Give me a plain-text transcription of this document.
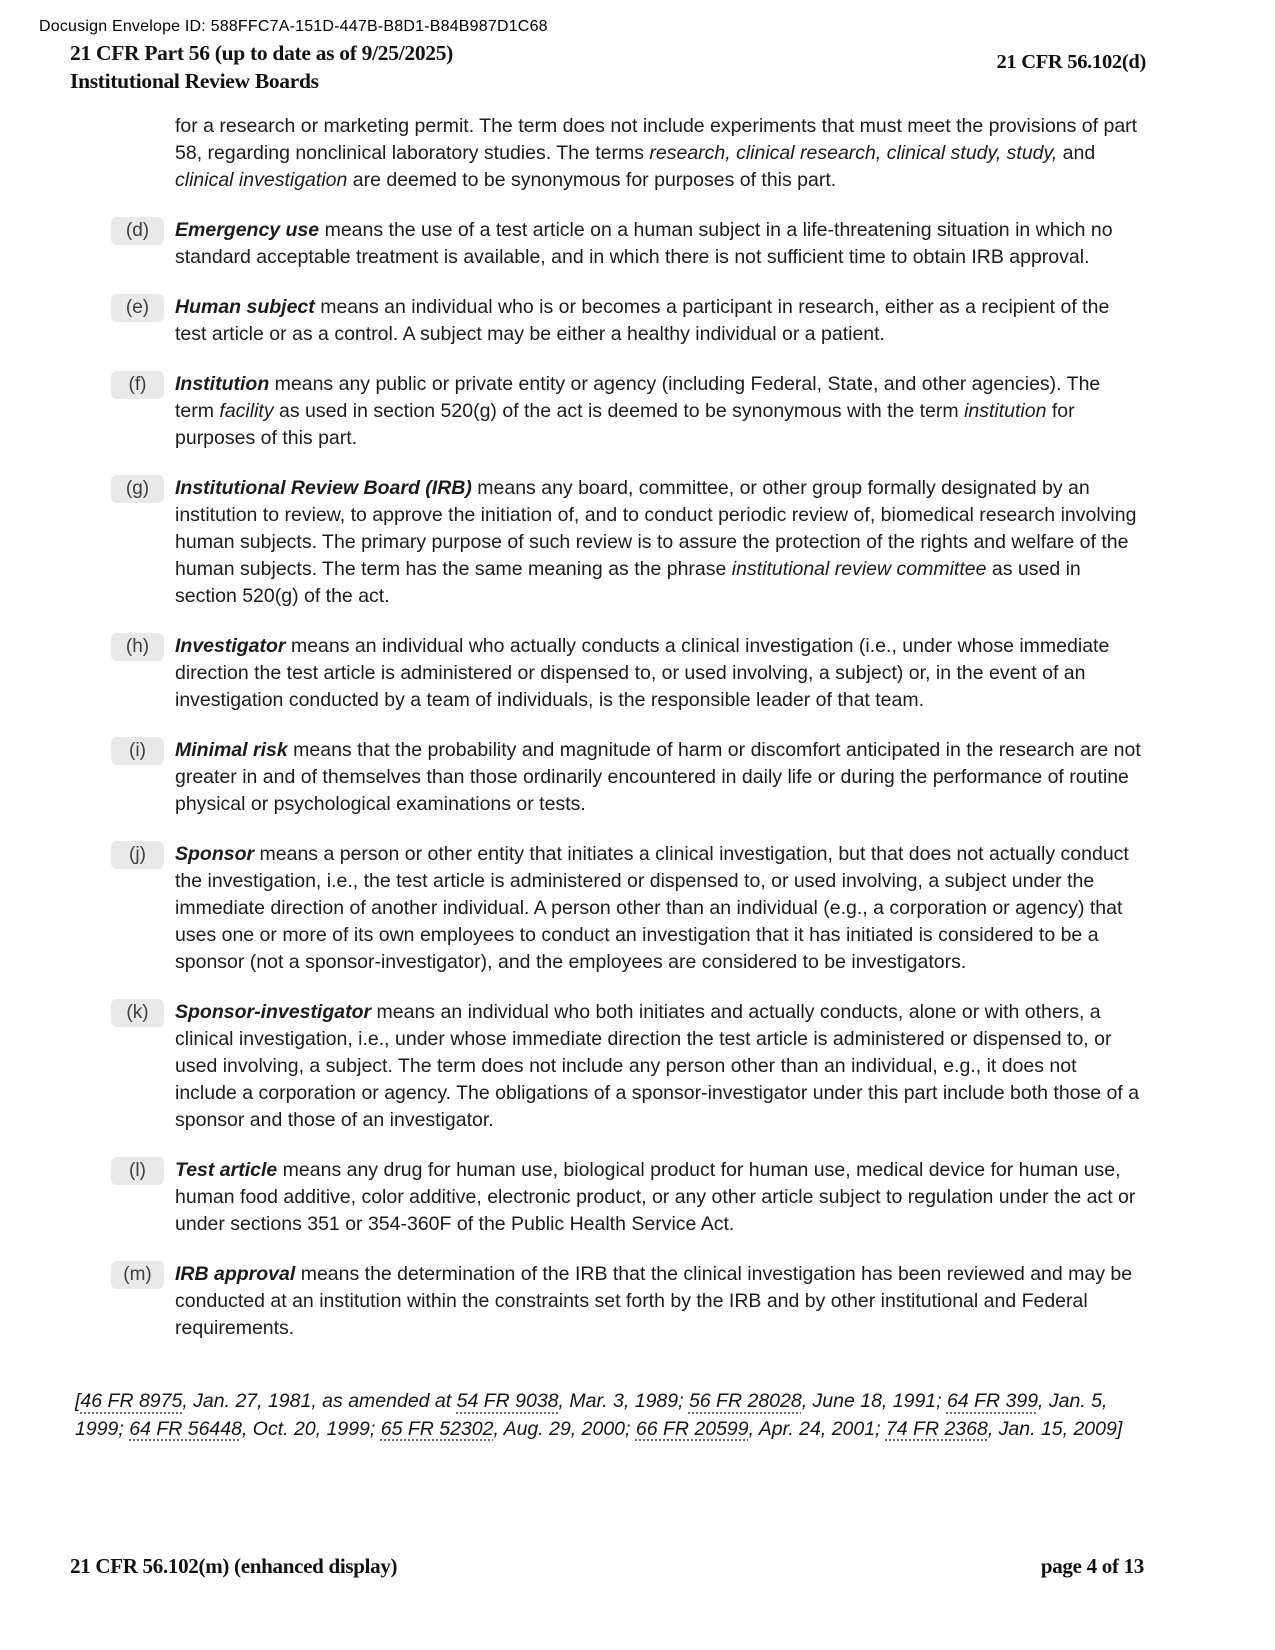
Docusign Envelope ID: 588FFC7A-151D-447B-B8D1-B84B987D1C68
21 CFR Part 56 (up to date as of 9/25/2025)
Institutional Review Boards
21 CFR 56.102(d)

for a research or marketing permit. The term does not include experiments that must meet the provisions of part 58, regarding nonclinical laboratory studies. The terms research, clinical research, clinical study, study, and clinical investigation are deemed to be synonymous for purposes of this part.

(d)	Emergency use means the use of a test article on a human subject in a life-threatening situation in which no standard acceptable treatment is available, and in which there is not sufficient time to obtain IRB approval.

(e)	Human subject means an individual who is or becomes a participant in research, either as a recipient of the test article or as a control. A subject may be either a healthy individual or a patient.

(f)	Institution means any public or private entity or agency (including Federal, State, and other agencies). The term facility as used in section 520(g) of the act is deemed to be synonymous with the term institution for purposes of this part.

(g)	Institutional Review Board (IRB) means any board, committee, or other group formally designated by an institution to review, to approve the initiation of, and to conduct periodic review of, biomedical research involving human subjects. The primary purpose of such review is to assure the protection of the rights and welfare of the human subjects. The term has the same meaning as the phrase institutional review committee as used in section 520(g) of the act.

(h)	Investigator means an individual who actually conducts a clinical investigation (i.e., under whose immediate direction the test article is administered or dispensed to, or used involving, a subject) or, in the event of an investigation conducted by a team of individuals, is the responsible leader of that team.

(i)	Minimal risk means that the probability and magnitude of harm or discomfort anticipated in the research are not greater in and of themselves than those ordinarily encountered in daily life or during the performance of routine physical or psychological examinations or tests.

(j)	Sponsor means a person or other entity that initiates a clinical investigation, but that does not actually conduct the investigation, i.e., the test article is administered or dispensed to, or used involving, a subject under the immediate direction of another individual. A person other than an individual (e.g., a corporation or agency) that uses one or more of its own employees to conduct an investigation that it has initiated is considered to be a sponsor (not a sponsor-investigator), and the employees are considered to be investigators.

(k)	Sponsor-investigator means an individual who both initiates and actually conducts, alone or with others, a clinical investigation, i.e., under whose immediate direction the test article is administered or dispensed to, or used involving, a subject. The term does not include any person other than an individual, e.g., it does not include a corporation or agency. The obligations of a sponsor-investigator under this part include both those of a sponsor and those of an investigator.

(l)	Test article means any drug for human use, biological product for human use, medical device for human use, human food additive, color additive, electronic product, or any other article subject to regulation under the act or under sections 351 or 354-360F of the Public Health Service Act.

(m)	IRB approval means the determination of the IRB that the clinical investigation has been reviewed and may be conducted at an institution within the constraints set forth by the IRB and by other institutional and Federal requirements.

[46 FR 8975, Jan. 27, 1981, as amended at 54 FR 9038, Mar. 3, 1989; 56 FR 28028, June 18, 1991; 64 FR 399, Jan. 5, 1999; 64 FR 56448, Oct. 20, 1999; 65 FR 52302, Aug. 29, 2000; 66 FR 20599, Apr. 24, 2001; 74 FR 2368, Jan. 15, 2009]

21 CFR 56.102(m) (enhanced display)	page 4 of 13
